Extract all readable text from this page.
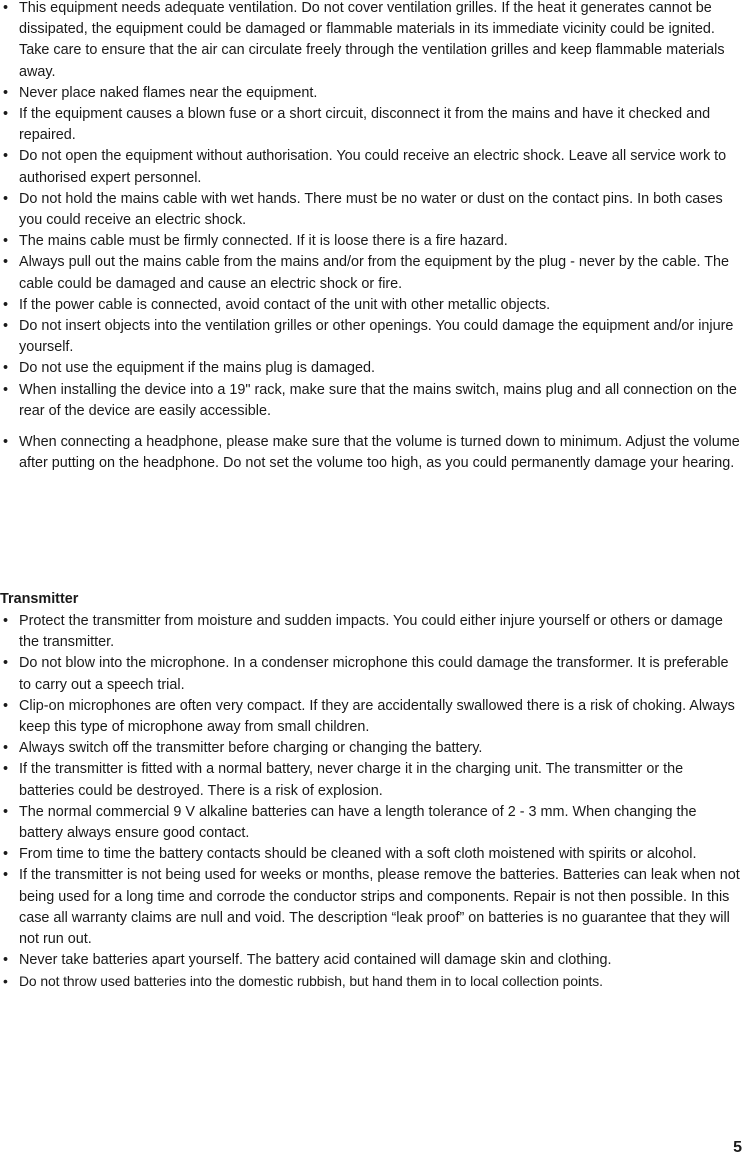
• This equipment needs adequate ventilation. Do not cover ventilation grilles. If the heat it generates cannot be dissipated, the equipment could be damaged or flammable materials in its immediate vicinity could be ignited. Take care to ensure that the air can circulate freely through the ventilation grilles and keep flammable materials away.
• Never place naked flames near the equipment.
• If the equipment causes a blown fuse or a short circuit, disconnect it from the mains and have it checked and repaired.
• Do not open the equipment without authorisation. You could receive an electric shock. Leave all service work to authorised expert personnel.
• Do not hold the mains cable with wet hands. There must be no water or dust on the contact pins. In both cases you could receive an electric shock.
• The mains cable must be firmly connected. If it is loose there is a fire hazard.
• Always pull out the mains cable from the mains and/or from the equipment by the plug - never by the cable. The cable could be damaged and cause an electric shock or fire.
• If the power cable is connected, avoid contact of the unit with other metallic objects.
• Do not insert objects into the ventilation grilles or other openings. You could damage the equipment and/or injure yourself.
• Do not use the equipment if the mains plug is damaged.
• When installing the device into a 19" rack, make sure that the mains switch, mains plug and all connection on the rear of the device are easily accessible.
• When connecting a headphone, please make sure that the volume is turned down to minimum. Adjust the volume after putting on the headphone. Do not set the volume too high, as you could permanently damage your hearing.
Transmitter
• Protect the transmitter from moisture and sudden impacts. You could either injure yourself or others or damage the transmitter.
• Do not blow into the microphone. In a condenser microphone this could damage the transformer. It is preferable to carry out a speech trial.
• Clip-on microphones are often very compact. If they are accidentally swallowed there is a risk of choking. Always keep this type of microphone away from small children.
• Always switch off the transmitter before charging or changing the battery.
• If the transmitter is fitted with a normal battery, never charge it in the charging unit. The transmitter or the batteries could be destroyed. There is a risk of explosion.
• The normal commercial 9 V alkaline batteries can have a length tolerance of 2 - 3 mm. When changing the battery always ensure good contact.
• From time to time the battery contacts should be cleaned with a soft cloth moistened with spirits or alcohol.
• If the transmitter is not being used for weeks or months, please remove the batteries. Batteries can leak when not being used for a long time and corrode the conductor strips and components. Repair is not then possible. In this case all warranty claims are null and void. The description “leak proof” on batteries is no guarantee that they will not run out.
• Never take batteries apart yourself. The battery acid contained will damage skin and clothing.
• Do not throw used batteries into the domestic rubbish, but hand them in to local collection points.
5
